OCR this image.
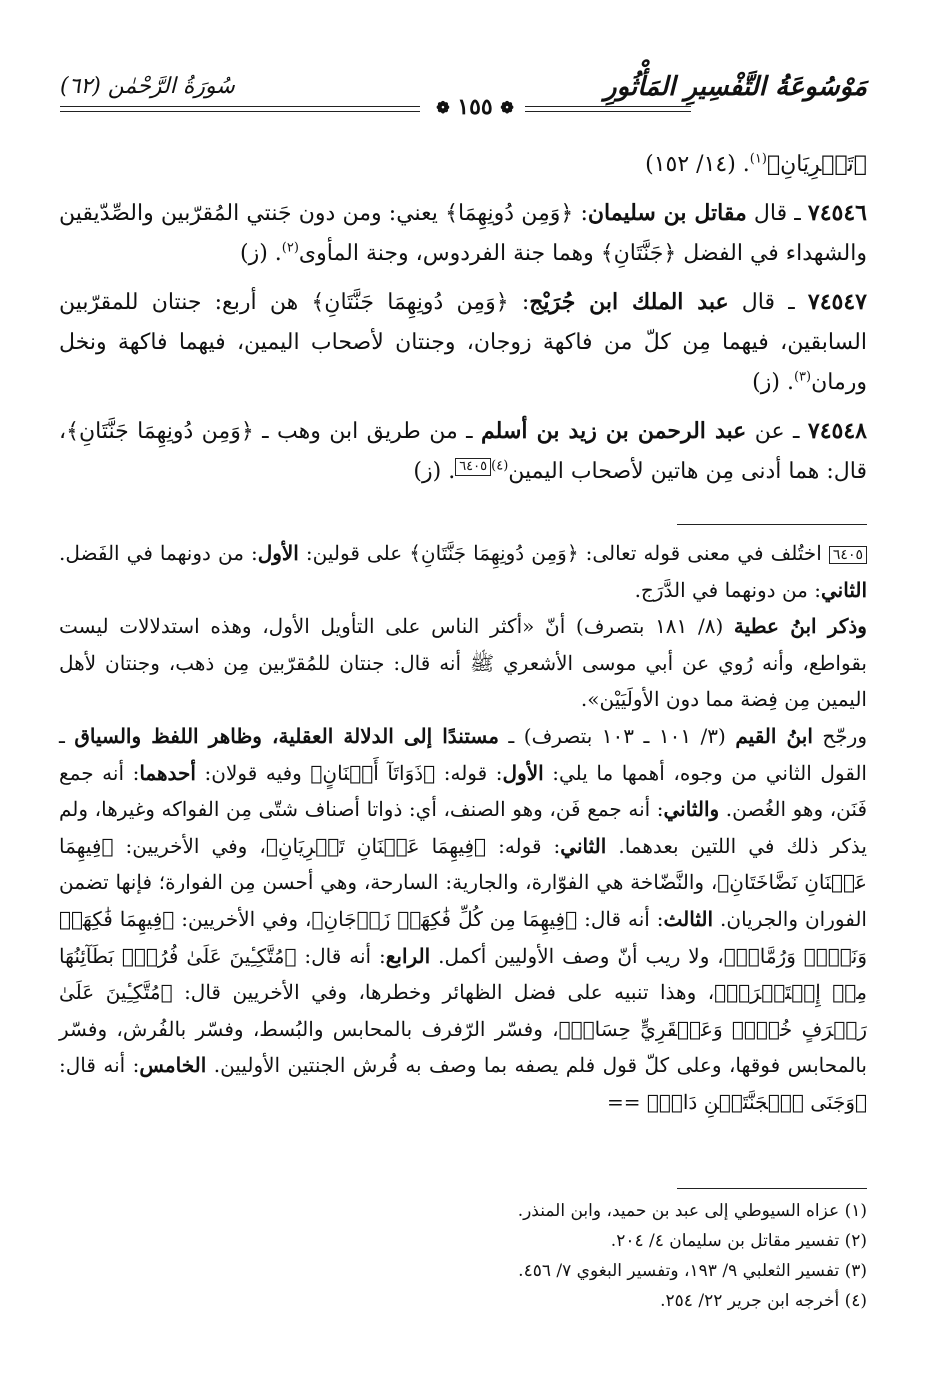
مَوْسُوعَةُ التَّفْسِيرِ المَأْثُورِ
سُورَةُ الرَّحْمٰن (٦٢)
❁ ١٥٥ ❁

﴿تَجۡرِيَانِ﴾$^{(١)}$. (١٤/ ١٥٢)

٧٤٥٤٦ ـ قال مقاتل بن سليمان: ﴿وَمِن دُونِهِمَا﴾ يعني: ومن دون جَنتي المُقرّبين والصِّدّيقين والشهداء في الفضل ﴿جَنَّتَانِ﴾ وهما جنة الفردوس، وجنة المأوى$^{(٢)}$. (ز)

٧٤٥٤٧ ـ قال عبد الملك ابن جُرَيْج: ﴿وَمِن دُونِهِمَا جَنَّتَانِ﴾ هن أربع: جنتان للمقرّبين السابقين، فيهما مِن كلّ من فاكهة زوجان، وجنتان لأصحاب اليمين، فيهما فاكهة ونخل ورمان$^{(٣)}$. (ز)

٧٤٥٤٨ ـ عن عبد الرحمن بن زيد بن أسلم ـ من طريق ابن وهب ـ ﴿وَمِن دُونِهِمَا جَنَّتَانِ﴾، قال: هما أدنى مِن هاتين لأصحاب اليمين$^{(٤)}$٦٤٠٥. (ز)

٦٤٠٥ اختُلف في معنى قوله تعالى: ﴿وَمِن دُونِهِمَا جَنَّتَانِ﴾ على قولين: الأول: من دونهما في الفَضل. الثاني: من دونهما في الدَّرَج.

وذكر ابنُ عطية (٨/ ١٨١ بتصرف) أنّ «أكثر الناس على التأويل الأول، وهذه استدلالات ليست بقواطع، وأنه رُوي عن أبي موسى الأشعري ﷺ أنه قال: جنتان للمُقرّبين مِن ذهب، وجنتان لأهل اليمين مِن فِضة مما دون الأولَيَيْن».

ورجّح ابنُ القيم (٣/ ١٠١ ـ ١٠٣ بتصرف) ـ مستندًا إلى الدلالة العقلية، وظاهر اللفظ والسياق ـ القول الثاني من وجوه، أهمها ما يلي: الأول: قوله: ﴿ذَوَاتَآ أَفۡنَانٍ﴾ وفيه قولان: أحدهما: أنه جمع فَنَن، وهو الغُصن. والثاني: أنه جمع فَن، وهو الصنف، أي: ذواتا أصناف شتّى مِن الفواكه وغيرها، ولم يذكر ذلك في اللتين بعدهما. الثاني: قوله: ﴿فِيهِمَا عَيۡنَانِ تَجۡرِيَانِ﴾، وفي الأخريين: ﴿فِيهِمَا عَيۡنَانِ نَضَّاخَتَانِ﴾، والنَّضّاخة هي الفوّارة، والجارية: السارحة، وهي أحسن مِن الفوارة؛ فإنها تضمن الفوران والجريان. الثالث: أنه قال: ﴿فِيهِمَا مِن كُلِّ فَٰكِهَةٖ زَوۡجَانِ﴾، وفي الأخريين: ﴿فِيهِمَا فَٰكِهَةٞ وَنَخۡلٞ وَرُمَّانٞ﴾، ولا ريب أنّ وصف الأوليين أكمل. الرابع: أنه قال: ﴿مُتَّكِـِٔينَ عَلَىٰ فُرُشِۭ بَطَآئِنُهَا مِنۡ إِسۡتَبۡرَقٖ﴾، وهذا تنبيه على فضل الظهائر وخطرها، وفي الأخريين قال: ﴿مُتَّكِـِٔينَ عَلَىٰ رَفۡرَفٍ خُضۡرٖ وَعَبۡقَرِيٍّ حِسَانٖ﴾، وفسّر الرّفرف بالمحابس والبُسط، وفسّر بالفُرش، وفسّر بالمحابس فوقها، وعلى كلّ قول فلم يصفه بما وصف به فُرش الجنتين الأوليين. الخامس: أنه قال: ﴿وَجَنَى ٱلۡجَنَّتَيۡنِ دَانٖ﴾ ==

(١) عزاه السيوطي إلى عبد بن حميد، وابن المنذر.

(٢) تفسير مقاتل بن سليمان ٤/ ٢٠٤.

(٣) تفسير الثعلبي ٩/ ١٩٣، وتفسير البغوي ٧/ ٤٥٦.

(٤) أخرجه ابن جرير ٢٢/ ٢٥٤.
